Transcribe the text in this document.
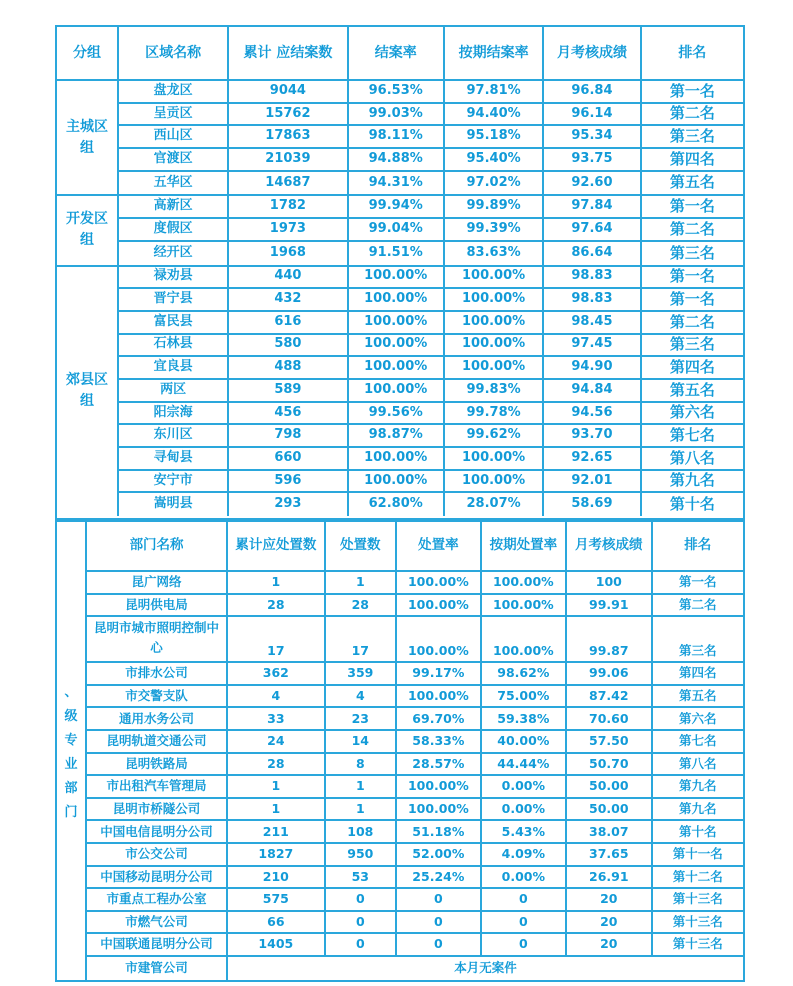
分组	区域名称	累计 应结案数	结案率	按期结案率	月考核成绩	排名
主城区组
盘龙区	9044	96.53%	97.81%	96.84	第一名
呈贡区	15762	99.03%	94.40%	96.14	第二名
西山区	17863	98.11%	95.18%	95.34	第三名
官渡区	21039	94.88%	95.40%	93.75	第四名
五华区	14687	94.31%	97.02%	92.60	第五名
开发区组
高新区	1782	99.94%	99.89%	97.84	第一名
度假区	1973	99.04%	99.39%	97.64	第二名
经开区	1968	91.51%	83.63%	86.64	第三名
郊县区组
禄劝县	440	100.00%	100.00%	98.83	第一名
晋宁县	432	100.00%	100.00%	98.83	第一名
富民县	616	100.00%	100.00%	98.45	第二名
石林县	580	100.00%	100.00%	97.45	第三名
宜良县	488	100.00%	100.00%	94.90	第四名
两区	589	100.00%	99.83%	94.84	第五名
阳宗海	456	99.56%	99.78%	94.56	第六名
东川区	798	98.87%	99.62%	93.70	第七名
寻甸县	660	100.00%	100.00%	92.65	第八名
安宁市	596	100.00%	100.00%	92.01	第九名
嵩明县	293	62.80%	28.07%	58.69	第十名
、
级
专
业
部
门
部门名称	累计应处置数	处置数	处置率	按期处置率	月考核成绩	排名
昆广网络	1	1	100.00%	100.00%	100	第一名
昆明供电局	28	28	100.00%	100.00%	99.91	第二名
昆明市城市照明控制中心	17	17	100.00%	100.00%	99.87	第三名
市排水公司	362	359	99.17%	98.62%	99.06	第四名
市交警支队	4	4	100.00%	75.00%	87.42	第五名
通用水务公司	33	23	69.70%	59.38%	70.60	第六名
昆明轨道交通公司	24	14	58.33%	40.00%	57.50	第七名
昆明铁路局	28	8	28.57%	44.44%	50.70	第八名
市出租汽车管理局	1	1	100.00%	0.00%	50.00	第九名
昆明市桥隧公司	1	1	100.00%	0.00%	50.00	第九名
中国电信昆明分公司	211	108	51.18%	5.43%	38.07	第十名
市公交公司	1827	950	52.00%	4.09%	37.65	第十一名
中国移动昆明分公司	210	53	25.24%	0.00%	26.91	第十二名
市重点工程办公室	575	0	0	0	20	第十三名
市燃气公司	66	0	0	0	20	第十三名
中国联通昆明分公司	1405	0	0	0	20	第十三名
市建管公司	本月无案件
